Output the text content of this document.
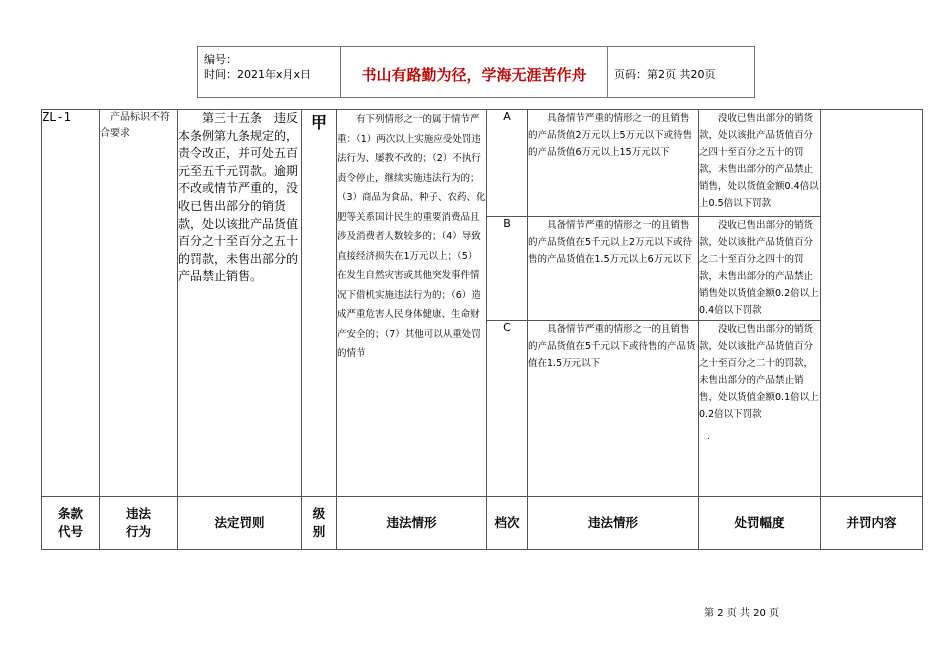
编号：
时间：2021年x月x日	书山有路勤为径，学海无涯苦作舟	页码：第2页 共20页
ZL-1	产品标识不符合要求	第三十五条　违反本条例第九条规定的，责令改正，并可处五百元至五千元罚款。逾期不改或情节严重的，没收已售出部分的销货款，处以该批产品货值百分之十至百分之五十的罚款，未售出部分的产品禁止销售。	甲	有下列情形之一的属于情节严重：（1）两次以上实施应受处罚违法行为、屡教不改的；（2）不执行责令停止，继续实施违法行为的；（3）商品为食品、种子、农药、化肥等关系国计民生的重要消费品且涉及消费者人数较多的；（4）导致直接经济损失在1万元以上；（5）在发生自然灾害或其他突发事件情况下借机实施违法行为的；（6）造成严重危害人民身体健康、生命财产安全的；（7）其他可以从重处罚的情节	A	具备情节严重的情形之一的且销售的产品货值2万元以上5万元以下或待售的产品货值6万元以上15万元以下	没收已售出部分的销货款，处以该批产品货值百分之四十至百分之五十的罚款，未售出部分的产品禁止销售，处以货值金额0.4倍以上0.5倍以下罚款	
					B	具备情节严重的情形之一的且销售的产品货值在5千元以上2万元以下或待售的产品货值在1.5万元以上6万元以下	没收已售出部分的销货款，处以该批产品货值百分之二十至百分之四十的罚款，未售出部分的产品禁止销售处以货值金额0.2倍以上0.4倍以下罚款	
					C	具备情节严重的情形之一的且销售的产品货值在5千元以下或待售的产品货值在1.5万元以下	没收已售出部分的销货款，处以该批产品货值百分之十至百分之二十的罚款，未售出部分的产品禁止销售，处以货值金额0.1倍以上0.2倍以下罚款
.	

条款代号	违法行为	法定罚则	级别	违法情形	档次	违法情形	处罚幅度	并罚内容
第 2 页 共 20 页
